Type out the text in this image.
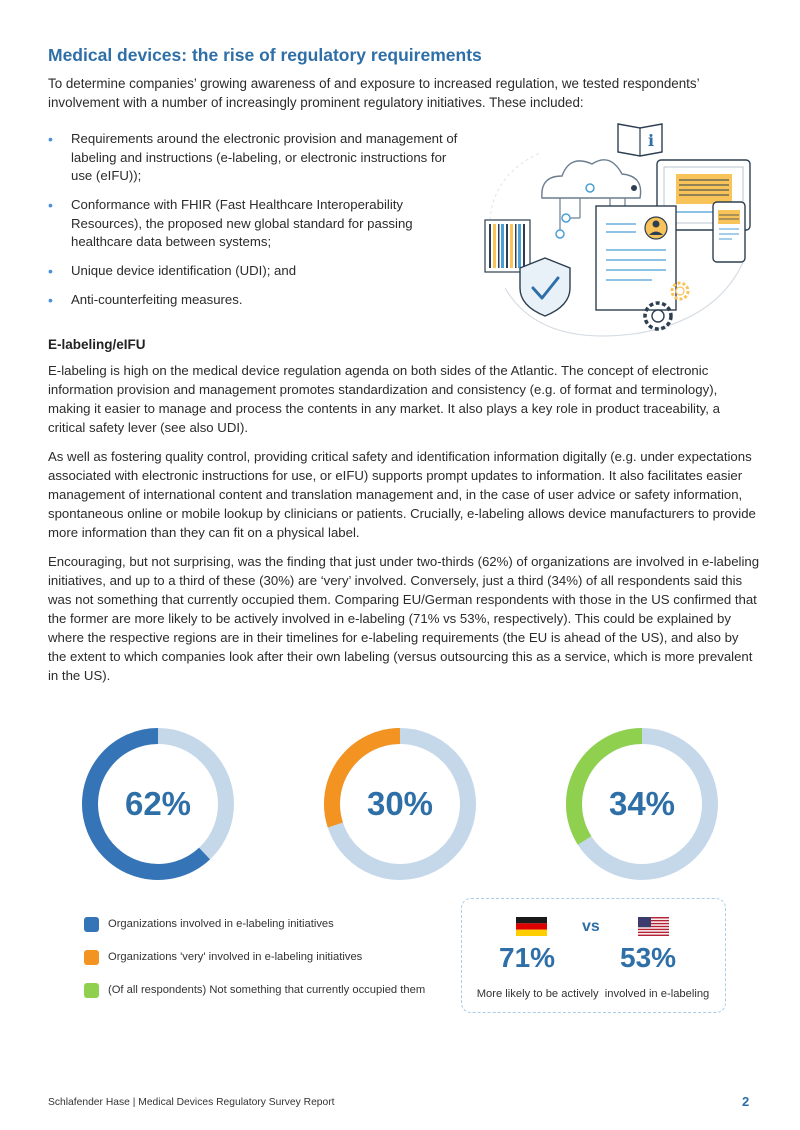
Medical devices: the rise of regulatory requirements
To determine companies’ growing awareness of and exposure to increased regulation, we tested respondents’ involvement with a number of increasingly prominent regulatory initiatives. These included:
• Requirements around the electronic provision and management of labeling and instructions (e-labeling, or electronic instructions for use (eIFU));
• Conformance with FHIR (Fast Healthcare Interoperability Resources), the proposed new global standard for passing healthcare data between systems;
• Unique device identification (UDI); and
• Anti-counterfeiting measures.
i
E-labeling/eIFU

E-labeling is high on the medical device regulation agenda on both sides of the Atlantic. The concept of electronic information provision and management promotes standardization and consistency (e.g. of format and terminology), making it easier to manage and process the contents in any market. It also plays a key role in product traceability, a critical safety lever (see also UDI).

As well as fostering quality control, providing critical safety and identification information digitally (e.g. under expectations associated with electronic instructions for use, or eIFU) supports prompt updates to information. It also facilitates easier management of international content and translation management and, in the case of user advice or safety information, spontaneous online or mobile lookup by clinicians or patients. Crucially, e-labeling allows device manufacturers to provide more information than they can fit on a physical label.

Encouraging, but not surprising, was the finding that just under two-thirds (62%) of organizations are involved in e-labeling initiatives, and up to a third of these (30%) are ‘very’ involved. Conversely, just a third (34%) of all respondents said this was not something that currently occupied them. Comparing EU/German respondents with those in the US confirmed that the former are more likely to be actively involved in e-labeling (71% vs 53%, respectively). This could be explained by where the respective regions are in their timelines for e-labeling requirements (the EU is ahead of the US), and also by the extent to which companies look after their own labeling (versus outsourcing this as a service, which is more prevalent in the US).

62%	30%	34%
Organizations involved in e-labeling initiatives
Organizations 'very' involved in e-labeling initiatives
(Of all respondents) Not something that currently occupied them
vs
71% 53%
More likely to be actively  involved in e-labeling
Schlafender Hase | Medical Devices Regulatory Survey Report	2
